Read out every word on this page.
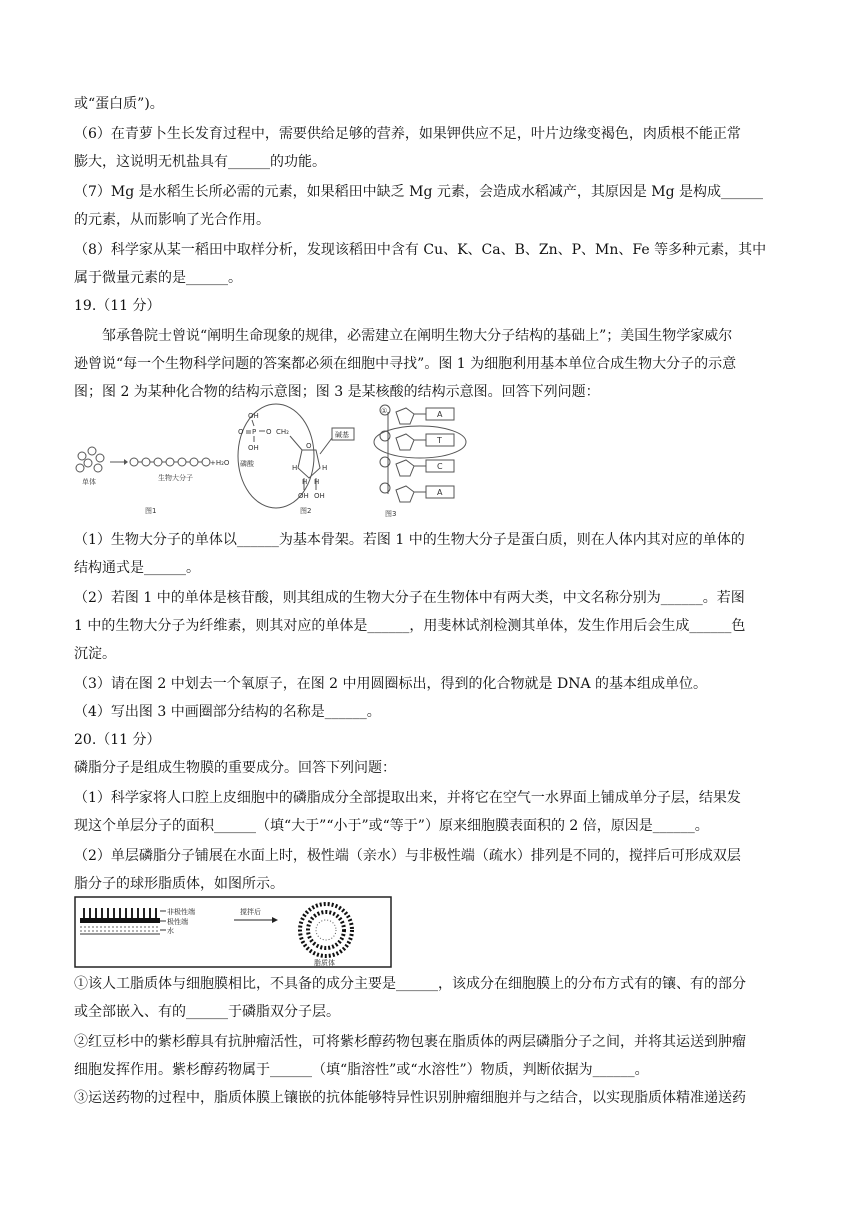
或“蛋白质”)。
（6）在青萝卜生长发育过程中，需要供给足够的营养，如果钾供应不足，叶片边缘变褐色，肉质根不能正常
膨大，这说明无机盐具有______的功能。
（7）Mg 是水稻生长所必需的元素，如果稻田中缺乏 Mg 元素，会造成水稻减产，其原因是 Mg 是构成______
的元素，从而影响了光合作用。
（8）科学家从某一稻田中取样分析，发现该稻田中含有 Cu、K、Ca、B、Zn、P、Mn、Fe 等多种元素，其中
属于微量元素的是______。
19.（11 分）
邹承鲁院士曾说“阐明生命现象的规律，必需建立在阐明生物大分子结构的基础上”；美国生物学家威尔
逊曾说“每一个生物科学问题的答案都必须在细胞中寻找”。图 1 为细胞利用基本单位合成生物大分子的示意
图；图 2 为某种化合物的结构示意图；图 3 是某核酸的结构示意图。回答下列问题：
+H₂O
单体	生物大分子
图1
OH
O P O CH₂
OH
磷酸
O
碱基
H	H
H H
OH OH
图2
①	A
T
C
A
图3
（1）生物大分子的单体以______为基本骨架。若图 1 中的生物大分子是蛋白质，则在人体内其对应的单体的
结构通式是______。
（2）若图 1 中的单体是核苷酸，则其组成的生物大分子在生物体中有两大类，中文名称分别为______。若图
1 中的生物大分子为纤维素，则其对应的单体是______，用斐林试剂检测其单体，发生作用后会生成______色
沉淀。
（3）请在图 2 中划去一个氧原子，在图 2 中用圆圈标出，得到的化合物就是 DNA 的基本组成单位。
（4）写出图 3 中画圈部分结构的名称是______。
20.（11 分）
磷脂分子是组成生物膜的重要成分。回答下列问题：
（1）科学家将人口腔上皮细胞中的磷脂成分全部提取出来，并将它在空气一水界面上铺成单分子层，结果发
现这个单层分子的面积______（填“大于”“小于”或“等于”）原来细胞膜表面积的 2 倍，原因是______。
（2）单层磷脂分子铺展在水面上时，极性端（亲水）与非极性端（疏水）排列是不同的，搅拌后可形成双层
脂分子的球形脂质体，如图所示。
非极性端
极性端
水
搅拌后
脂质体
①该人工脂质体与细胞膜相比，不具备的成分主要是______，该成分在细胞膜上的分布方式有的镶、有的部分
或全部嵌入、有的______于磷脂双分子层。
②红豆杉中的紫杉醇具有抗肿瘤活性，可将紫杉醇药物包裹在脂质体的两层磷脂分子之间，并将其运送到肿瘤
细胞发挥作用。紫杉醇药物属于______（填“脂溶性”或“水溶性”）物质，判断依据为______。
③运送药物的过程中，脂质体膜上镶嵌的抗体能够特异性识别肿瘤细胞并与之结合，以实现脂质体精准递送药
